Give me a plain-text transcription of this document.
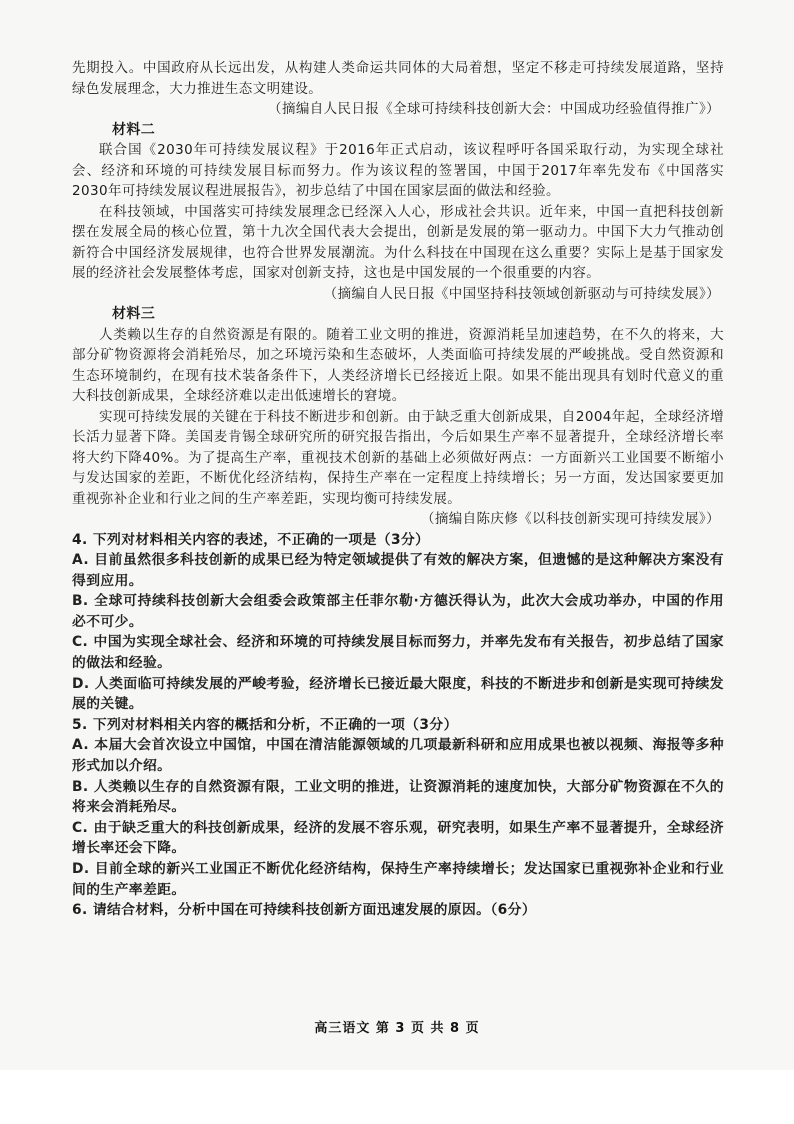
先期投入。中国政府从长远出发，从构建人类命运共同体的大局着想，坚定不移走可持续发展道路，坚持绿色发展理念，大力推进生态文明建设。

（摘编自人民日报《全球可持续科技创新大会：中国成功经验值得推广》）

材料二

联合国《2030年可持续发展议程》于2016年正式启动，该议程呼吁各国采取行动，为实现全球社会、经济和环境的可持续发展目标而努力。作为该议程的签署国，中国于2017年率先发布《中国落实2030年可持续发展议程进展报告》，初步总结了中国在国家层面的做法和经验。

在科技领域，中国落实可持续发展理念已经深入人心，形成社会共识。近年来，中国一直把科技创新摆在发展全局的核心位置，第十九次全国代表大会提出，创新是发展的第一驱动力。中国下大力气推动创新符合中国经济发展规律，也符合世界发展潮流。为什么科技在中国现在这么重要？实际上是基于国家发展的经济社会发展整体考虑，国家对创新支持，这也是中国发展的一个很重要的内容。

（摘编自人民日报《中国坚持科技领域创新驱动与可持续发展》）

材料三

人类赖以生存的自然资源是有限的。随着工业文明的推进，资源消耗呈加速趋势，在不久的将来，大部分矿物资源将会消耗殆尽，加之环境污染和生态破坏，人类面临可持续发展的严峻挑战。受自然资源和生态环境制约，在现有技术装备条件下，人类经济增长已经接近上限。如果不能出现具有划时代意义的重大科技创新成果，全球经济难以走出低速增长的窘境。

实现可持续发展的关键在于科技不断进步和创新。由于缺乏重大创新成果，自2004年起，全球经济增长活力显著下降。美国麦肯锡全球研究所的研究报告指出，今后如果生产率不显著提升，全球经济增长率将大约下降40%。为了提高生产率，重视技术创新的基础上必须做好两点：一方面新兴工业国要不断缩小与发达国家的差距，不断优化经济结构，保持生产率在一定程度上持续增长；另一方面，发达国家要更加重视弥补企业和行业之间的生产率差距，实现均衡可持续发展。

（摘编自陈庆修《以科技创新实现可持续发展》）

4. 下列对材料相关内容的表述，不正确的一项是（3分）

A. 目前虽然很多科技创新的成果已经为特定领域提供了有效的解决方案，但遗憾的是这种解决方案没有得到应用。

B. 全球可持续科技创新大会组委会政策部主任菲尔勒·方德沃得认为，此次大会成功举办，中国的作用必不可少。

C. 中国为实现全球社会、经济和环境的可持续发展目标而努力，并率先发布有关报告，初步总结了国家的做法和经验。

D. 人类面临可持续发展的严峻考验，经济增长已接近最大限度，科技的不断进步和创新是实现可持续发展的关键。

5. 下列对材料相关内容的概括和分析，不正确的一项（3分）

A. 本届大会首次设立中国馆，中国在清洁能源领域的几项最新科研和应用成果也被以视频、海报等多种形式加以介绍。

B. 人类赖以生存的自然资源有限，工业文明的推进，让资源消耗的速度加快，大部分矿物资源在不久的将来会消耗殆尽。

C. 由于缺乏重大的科技创新成果，经济的发展不容乐观，研究表明，如果生产率不显著提升，全球经济增长率还会下降。

D. 目前全球的新兴工业国正不断优化经济结构，保持生产率持续增长；发达国家已重视弥补企业和行业间的生产率差距。

6. 请结合材料，分析中国在可持续科技创新方面迅速发展的原因。（6分）

高三语文 第 3 页 共 8 页
